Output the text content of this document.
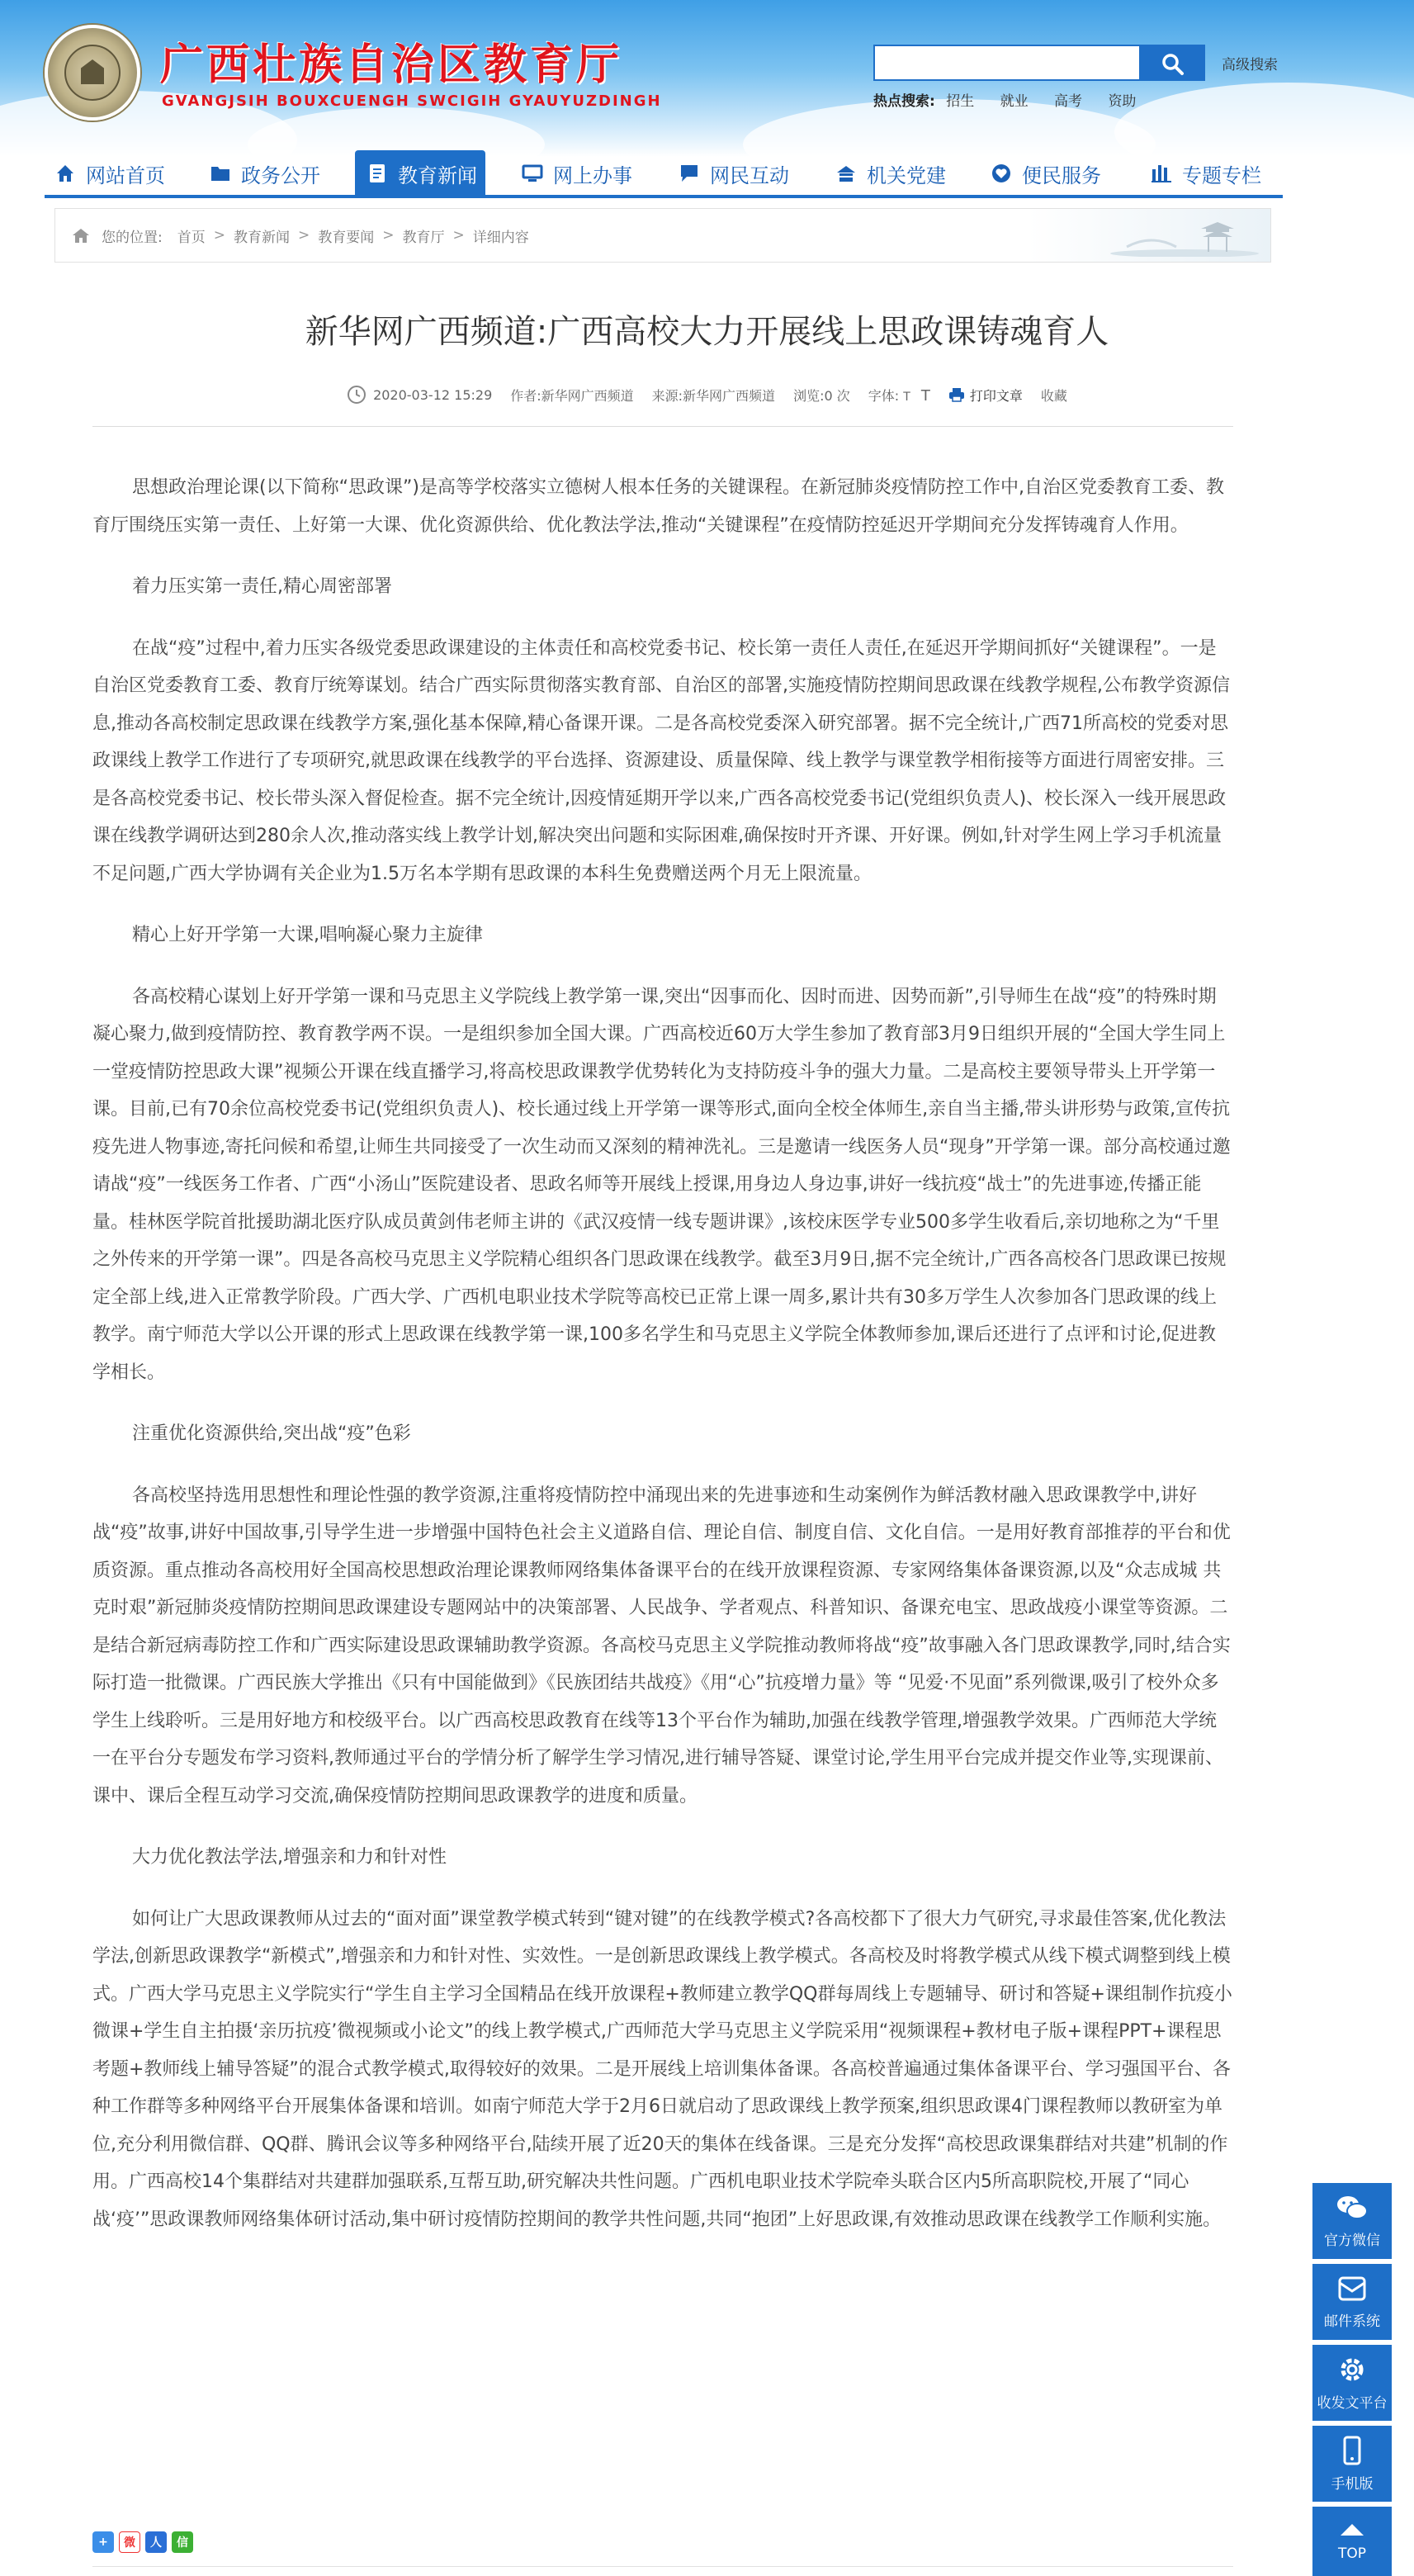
广西壮族自治区教育厅
GVANGJSIH BOUXCUENGH SWCIGIH GYAUYUZDINGH
高级搜索
热点搜索: 招生 就业 高考 资助
网站首页	政务公开	教育新闻	网上办事	网民互动	机关党建	便民服务	专题专栏
您的位置: 首页 > 教育新闻 > 教育要闻 > 教育厅 > 详细内容
新华网广西频道:广西高校大力开展线上思政课铸魂育人
2020-03-12 15:29 作者:新华网广西频道 来源:新华网广西频道 浏览:0 次 字体: T T	打印文章 收藏

思想政治理论课(以下简称“思政课”)是高等学校落实立德树人根本任务的关键课程。在新冠肺炎疫情防控工作中,自治区党委教育工委、教育厅围绕压实第一责任、上好第一大课、优化资源供给、优化教法学法,推动“关键课程”在疫情防控延迟开学期间充分发挥铸魂育人作用。

着力压实第一责任,精心周密部署

在战“疫”过程中,着力压实各级党委思政课建设的主体责任和高校党委书记、校长第一责任人责任,在延迟开学期间抓好“关键课程”。一是自治区党委教育工委、教育厅统筹谋划。结合广西实际贯彻落实教育部、自治区的部署,实施疫情防控期间思政课在线教学规程,公布教学资源信息,推动各高校制定思政课在线教学方案,强化基本保障,精心备课开课。二是各高校党委深入研究部署。据不完全统计,广西71所高校的党委对思政课线上教学工作进行了专项研究,就思政课在线教学的平台选择、资源建设、质量保障、线上教学与课堂教学相衔接等方面进行周密安排。三是各高校党委书记、校长带头深入督促检查。据不完全统计,因疫情延期开学以来,广西各高校党委书记(党组织负责人)、校长深入一线开展思政课在线教学调研达到280余人次,推动落实线上教学计划,解决突出问题和实际困难,确保按时开齐课、开好课。例如,针对学生网上学习手机流量不足问题,广西大学协调有关企业为1.5万名本学期有思政课的本科生免费赠送两个月无上限流量。

精心上好开学第一大课,唱响凝心聚力主旋律

各高校精心谋划上好开学第一课和马克思主义学院线上教学第一课,突出“因事而化、因时而进、因势而新”,引导师生在战“疫”的特殊时期凝心聚力,做到疫情防控、教育教学两不误。一是组织参加全国大课。广西高校近60万大学生参加了教育部3月9日组织开展的“全国大学生同上一堂疫情防控思政大课”视频公开课在线直播学习,将高校思政课教学优势转化为支持防疫斗争的强大力量。二是高校主要领导带头上开学第一课。目前,已有70余位高校党委书记(党组织负责人)、校长通过线上开学第一课等形式,面向全校全体师生,亲自当主播,带头讲形势与政策,宣传抗疫先进人物事迹,寄托问候和希望,让师生共同接受了一次生动而又深刻的精神洗礼。三是邀请一线医务人员“现身”开学第一课。部分高校通过邀请战“疫”一线医务工作者、广西“小汤山”医院建设者、思政名师等开展线上授课,用身边人身边事,讲好一线抗疫“战士”的先进事迹,传播正能量。桂林医学院首批援助湖北医疗队成员黄剑伟老师主讲的《武汉疫情一线专题讲课》,该校床医学专业500多学生收看后,亲切地称之为“千里之外传来的开学第一课”。四是各高校马克思主义学院精心组织各门思政课在线教学。截至3月9日,据不完全统计,广西各高校各门思政课已按规定全部上线,进入正常教学阶段。广西大学、广西机电职业技术学院等高校已正常上课一周多,累计共有30多万学生人次参加各门思政课的线上教学。南宁师范大学以公开课的形式上思政课在线教学第一课,100多名学生和马克思主义学院全体教师参加,课后还进行了点评和讨论,促进教学相长。

注重优化资源供给,突出战“疫”色彩

各高校坚持选用思想性和理论性强的教学资源,注重将疫情防控中涌现出来的先进事迹和生动案例作为鲜活教材融入思政课教学中,讲好战“疫”故事,讲好中国故事,引导学生进一步增强中国特色社会主义道路自信、理论自信、制度自信、文化自信。一是用好教育部推荐的平台和优质资源。重点推动各高校用好全国高校思想政治理论课教师网络集体备课平台的在线开放课程资源、专家网络集体备课资源,以及“众志成城 共克时艰”新冠肺炎疫情防控期间思政课建设专题网站中的决策部署、人民战争、学者观点、科普知识、备课充电宝、思政战疫小课堂等资源。二是结合新冠病毒防控工作和广西实际建设思政课辅助教学资源。各高校马克思主义学院推动教师将战“疫”故事融入各门思政课教学,同时,结合实际打造一批微课。广西民族大学推出《只有中国能做到》《民族团结共战疫》《用“心”抗疫增力量》等 “见爱·不见面”系列微课,吸引了校外众多学生上线聆听。三是用好地方和校级平台。以广西高校思政教育在线等13个平台作为辅助,加强在线教学管理,增强教学效果。广西师范大学统一在平台分专题发布学习资料,教师通过平台的学情分析了解学生学习情况,进行辅导答疑、课堂讨论,学生用平台完成并提交作业等,实现课前、课中、课后全程互动学习交流,确保疫情防控期间思政课教学的进度和质量。

大力优化教法学法,增强亲和力和针对性

如何让广大思政课教师从过去的“面对面”课堂教学模式转到“键对键”的在线教学模式?各高校都下了很大力气研究,寻求最佳答案,优化教法学法,创新思政课教学“新模式”,增强亲和力和针对性、实效性。一是创新思政课线上教学模式。各高校及时将教学模式从线下模式调整到线上模式。广西大学马克思主义学院实行“学生自主学习全国精品在线开放课程+教师建立教学QQ群每周线上专题辅导、研讨和答疑+课组制作抗疫小微课+学生自主拍摄‘亲历抗疫’微视频或小论文”的线上教学模式,广西师范大学马克思主义学院采用“视频课程+教材电子版+课程PPT+课程思考题+教师线上辅导答疑”的混合式教学模式,取得较好的效果。二是开展线上培训集体备课。各高校普遍通过集体备课平台、学习强国平台、各种工作群等多种网络平台开展集体备课和培训。如南宁师范大学于2月6日就启动了思政课线上教学预案,组织思政课4门课程教师以教研室为单位,充分利用微信群、QQ群、腾讯会议等多种网络平台,陆续开展了近20天的集体在线备课。三是充分发挥“高校思政课集群结对共建”机制的作用。广西高校14个集群结对共建群加强联系,互帮互助,研究解决共性问题。广西机电职业技术学院牵头联合区内5所高职院校,开展了“同心战‘疫’”思政课教师网络集体研讨活动,集中研讨疫情防控期间的教学共性问题,共同“抱团”上好思政课,有效推动思政课在线教学工作顺利实施。

+	微	人	信
官方微信
邮件系统
收发文平台
手机版
TOP
